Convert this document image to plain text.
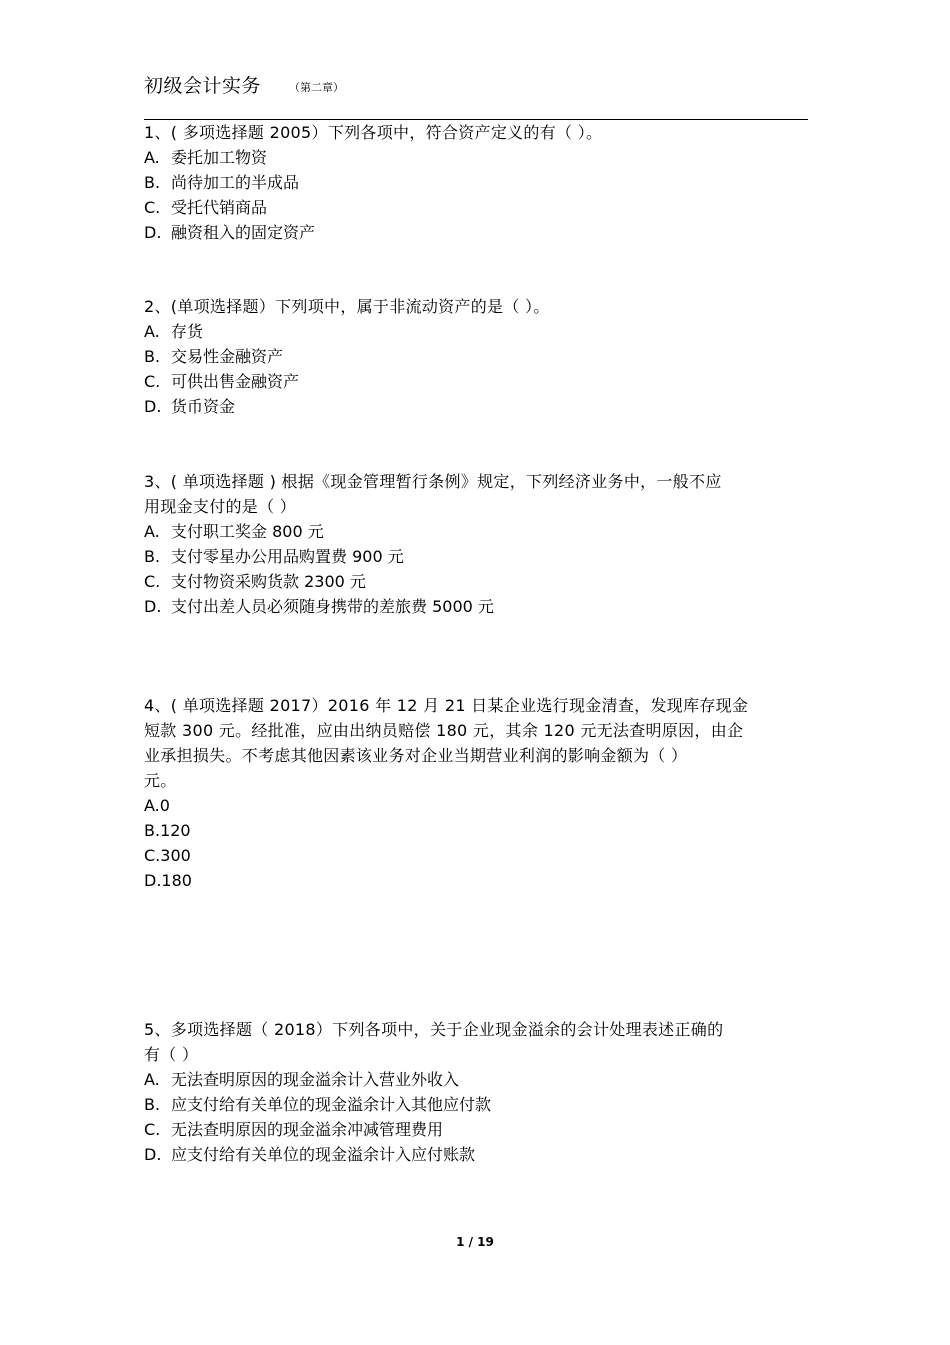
初级会计实务	（第二章）
1、( 多项选择题 2005）下列各项中，符合资产定义的有（ ）。
A. 委托加工物资
B. 尚待加工的半成品
C. 受托代销商品
D. 融资租入的固定资产
2、(单项选择题）下列项中，属于非流动资产的是（ ）。
A. 存货
B. 交易性金融资产
C. 可供出售金融资产
D. 货币资金
3、( 单项选择题 ) 根据《现金管理暂行条例》规定，下列经济业务中，一般不应
用现金支付的是（ ）
A. 支付职工奖金 800 元
B. 支付零星办公用品购置费 900 元
C. 支付物资采购货款 2300 元
D. 支付出差人员必须随身携带的差旅费 5000 元
4、( 单项选择题 2017）2016 年 12 月 21 日某企业选行现金清查，发现库存现金
短款 300 元。经批准，应由出纳员赔偿 180 元，其余 120 元无法查明原因，由企
业承担损失。不考虑其他因素该业务对企业当期营业利润的影响金额为（ ）
元。
A.0
B.120
C.300
D.180
5、多项选择题（ 2018）下列各项中，关于企业现金溢余的会计处理表述正确的
有（ ）
A. 无法查明原因的现金溢余计入营业外收入
B. 应支付给有关单位的现金溢余计入其他应付款
C. 无法查明原因的现金溢余冲减管理费用
D. 应支付给有关单位的现金溢余计入应付账款
1 / 19
